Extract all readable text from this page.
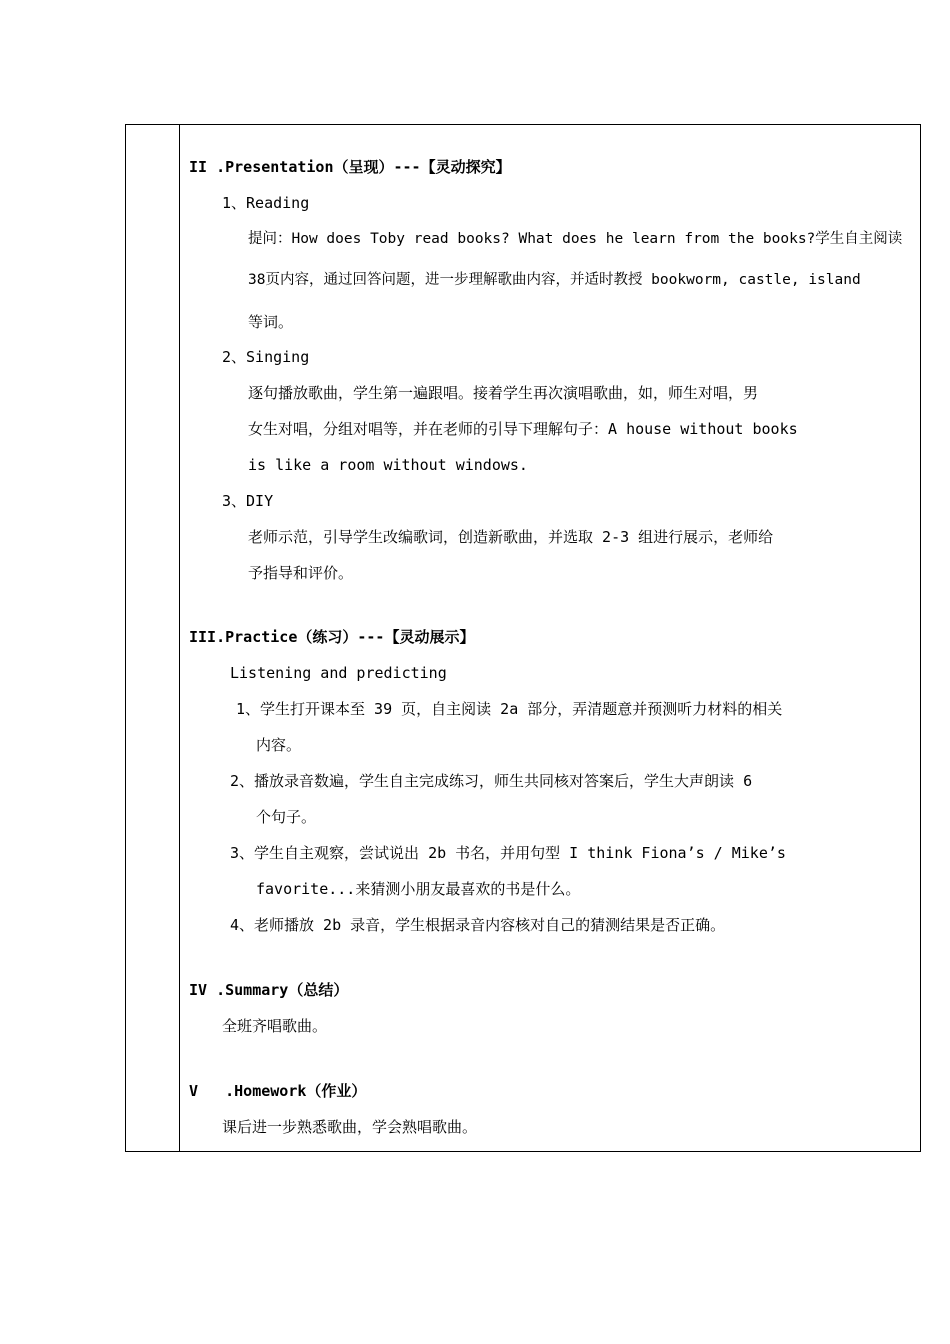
II .Presentation（呈现）---【灵动探究】
1、Reading
提问：How does Toby read books? What does he learn from the books?学生自主阅读
38页内容，通过回答问题，进一步理解歌曲内容，并适时教授 bookworm, castle, island
等词。
2、Singing
逐句播放歌曲，学生第一遍跟唱。接着学生再次演唱歌曲，如，师生对唱，男
女生对唱，分组对唱等，并在老师的引导下理解句子：A house without books
is like a room without windows.
3、DIY
老师示范，引导学生改编歌词，创造新歌曲，并选取 2-3 组进行展示，老师给
予指导和评价。
III.Practice（练习）---【灵动展示】
Listening and predicting
1、学生打开课本至 39 页，自主阅读 2a 部分，弄清题意并预测听力材料的相关
内容。
2、播放录音数遍，学生自主完成练习，师生共同核对答案后，学生大声朗读 6
个句子。
3、学生自主观察，尝试说出 2b 书名，并用句型 I think Fiona’s / Mike’s
favorite...来猜测小朋友最喜欢的书是什么。
4、老师播放 2b 录音，学生根据录音内容核对自己的猜测结果是否正确。
IV .Summary（总结）
全班齐唱歌曲。
V   .Homework（作业）
课后进一步熟悉歌曲，学会熟唱歌曲。
